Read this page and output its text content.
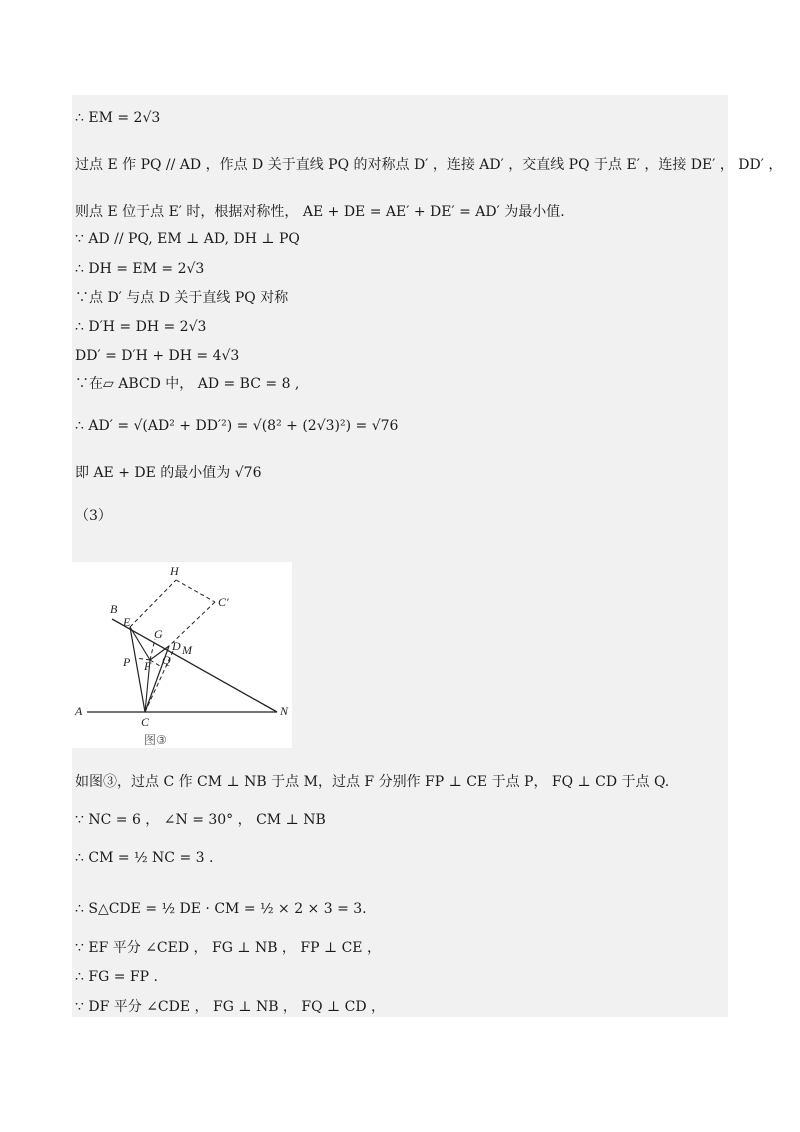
∴ EM = 2√3
过点 E 作 PQ // AD ，作点 D 关于直线 PQ 的对称点 D′ ，连接 AD′ ，交直线 PQ 于点 E′ ，连接 DE′ ， DD′ ，
则点 E 位于点 E′ 时，根据对称性， AE + DE = AE′ + DE′ = AD′ 为最小值.
∵ AD // PQ, EM ⊥ AD, DH ⊥ PQ
∴ DH = EM = 2√3
∵点 D′ 与点 D 关于直线 PQ 对称
∴ D′H = DH = 2√3
DD′ = D′H + DH = 4√3
∵在▱ ABCD 中， AD = BC = 8 ,
∴ AD′ = √(AD² + DD′²) = √(8² + (2√3)²) = √76
即 AE + DE 的最小值为 √76
（3）
H
C′
B
E
G
D M
P F Q
A
C
N
图③
如图③，过点 C 作 CM ⊥ NB 于点 M，过点 F 分别作 FP ⊥ CE 于点 P， FQ ⊥ CD 于点 Q.
∵ NC = 6 ， ∠N = 30° ， CM ⊥ NB
∴ CM = ½ NC = 3 .
∴ S△CDE = ½ DE · CM = ½ × 2 × 3 = 3.
∵ EF 平分 ∠CED ， FG ⊥ NB ， FP ⊥ CE ，
∴ FG = FP .
∵ DF 平分 ∠CDE ， FG ⊥ NB ， FQ ⊥ CD ，
